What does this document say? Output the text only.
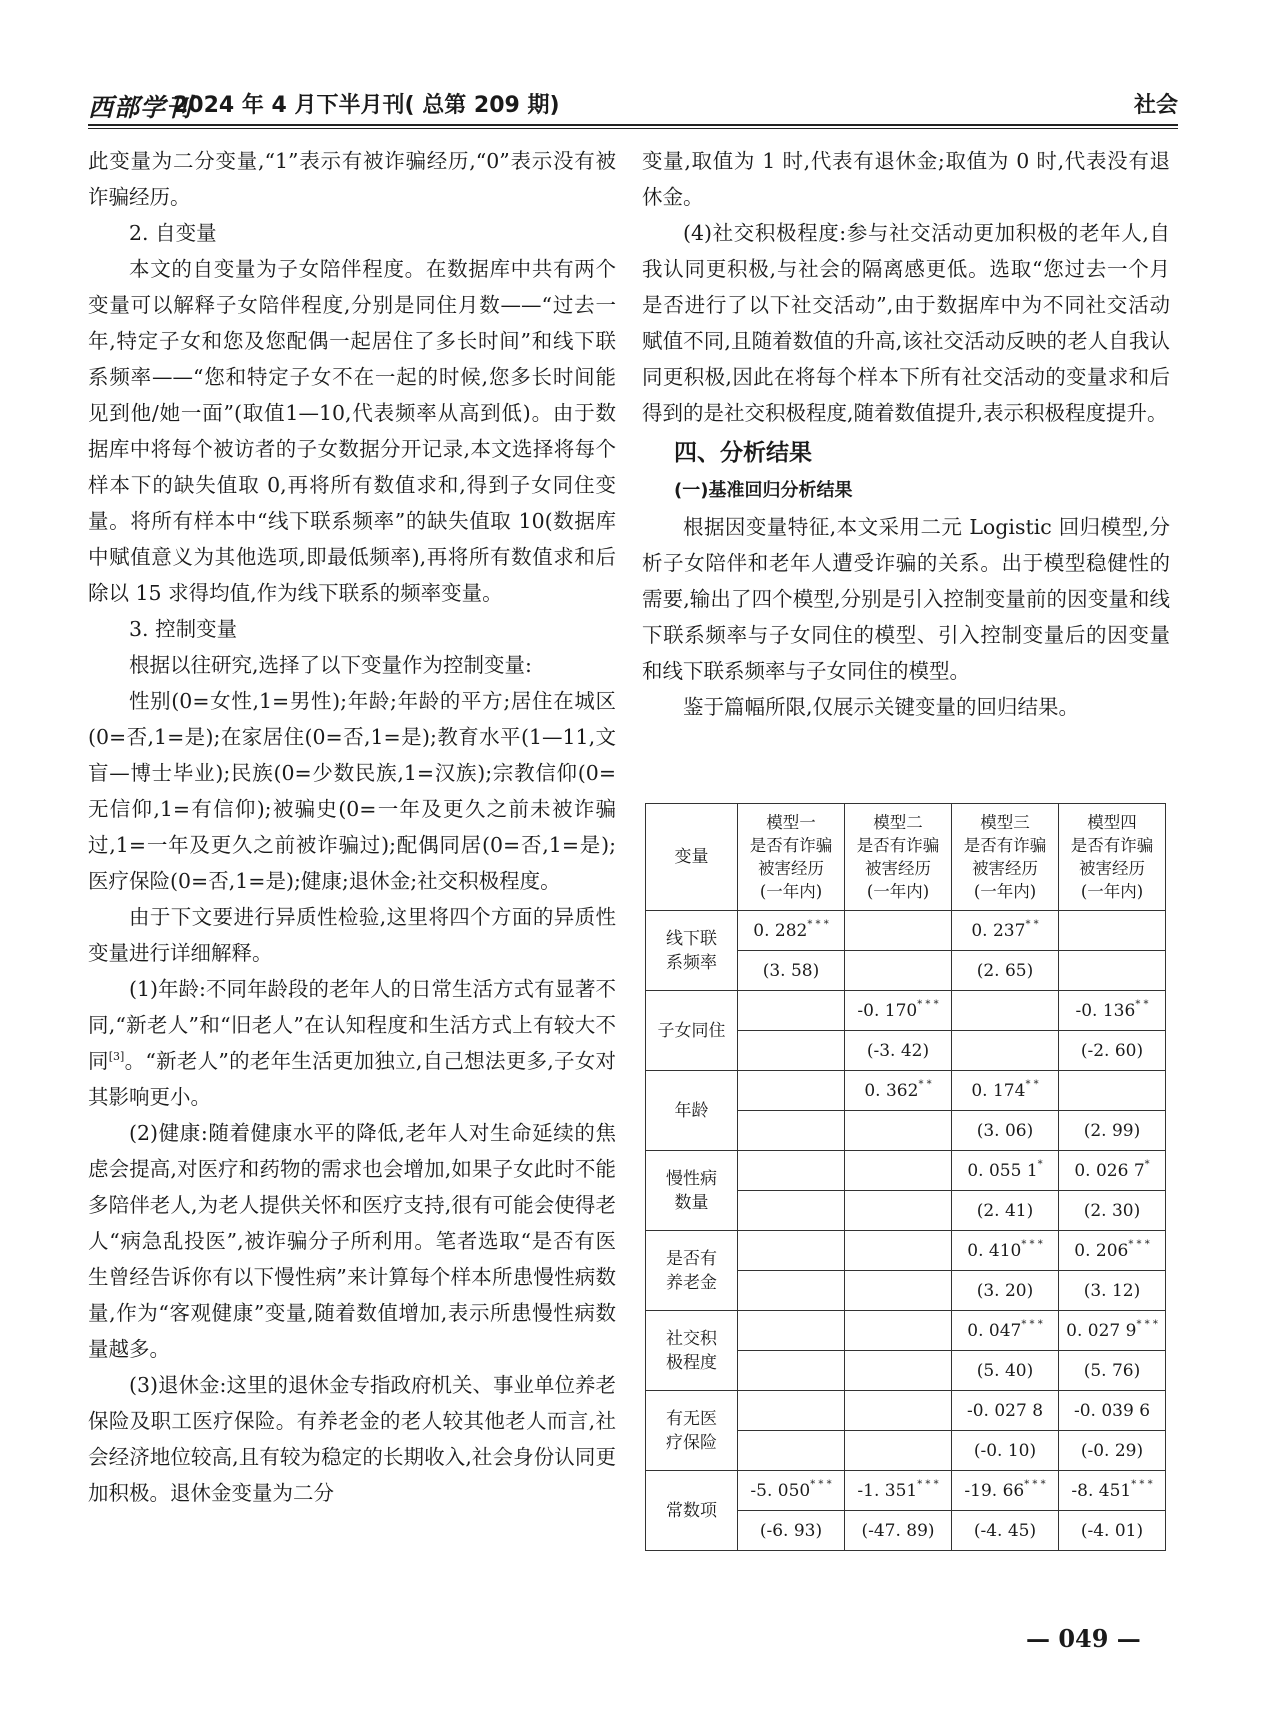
西部学刊
2024 年 4 月下半月刊( 总第 209 期)	社会

此变量为二分变量,“1”表示有被诈骗经历,“0”表示没有被诈骗经历。

2. 自变量

本文的自变量为子女陪伴程度。在数据库中共有两个变量可以解释子女陪伴程度,分别是同住月数——“过去一年,特定子女和您及您配偶一起居住了多长时间”和线下联系频率——“您和特定子女不在一起的时候,您多长时间能见到他/她一面”(取值1—10,代表频率从高到低)。由于数据库中将每个被访者的子女数据分开记录,本文选择将每个样本下的缺失值取 0,再将所有数值求和,得到子女同住变量。将所有样本中“线下联系频率”的缺失值取 10(数据库中赋值意义为其他选项,即最低频率),再将所有数值求和后除以 15 求得均值,作为线下联系的频率变量。

3. 控制变量

根据以往研究,选择了以下变量作为控制变量:

性别(0=女性,1=男性);年龄;年龄的平方;居住在城区(0=否,1=是);在家居住(0=否,1=是);教育水平(1—11,文盲—博士毕业);民族(0=少数民族,1=汉族);宗教信仰(0=无信仰,1=有信仰);被骗史(0=一年及更久之前未被诈骗过,1=一年及更久之前被诈骗过);配偶同居(0=否,1=是);医疗保险(0=否,1=是);健康;退休金;社交积极程度。

由于下文要进行异质性检验,这里将四个方面的异质性变量进行详细解释。

(1)年龄:不同年龄段的老年人的日常生活方式有显著不同,“新老人”和“旧老人”在认知程度和生活方式上有较大不同[3]。“新老人”的老年生活更加独立,自己想法更多,子女对其影响更小。

(2)健康:随着健康水平的降低,老年人对生命延续的焦虑会提高,对医疗和药物的需求也会增加,如果子女此时不能多陪伴老人,为老人提供关怀和医疗支持,很有可能会使得老人“病急乱投医”,被诈骗分子所利用。笔者选取“是否有医生曾经告诉你有以下慢性病”来计算每个样本所患慢性病数量,作为“客观健康”变量,随着数值增加,表示所患慢性病数量越多。

(3)退休金:这里的退休金专指政府机关、事业单位养老保险及职工医疗保险。有养老金的老人较其他老人而言,社会经济地位较高,且有较为稳定的长期收入,社会身份认同更加积极。退休金变量为二分

变量,取值为 1 时,代表有退休金;取值为 0 时,代表没有退休金。

(4)社交积极程度:参与社交活动更加积极的老年人,自我认同更积极,与社会的隔离感更低。选取“您过去一个月是否进行了以下社交活动”,由于数据库中为不同社交活动赋值不同,且随着数值的升高,该社交活动反映的老人自我认同更积极,因此在将每个样本下所有社交活动的变量求和后得到的是社交积极程度,随着数值提升,表示积极程度提升。

四、分析结果

(一)基准回归分析结果

根据因变量特征,本文采用二元 Logistic 回归模型,分析子女陪伴和老年人遭受诈骗的关系。出于模型稳健性的需要,输出了四个模型,分别是引入控制变量前的因变量和线下联系频率与子女同住的模型、引入控制变量后的因变量和线下联系频率与子女同住的模型。

鉴于篇幅所限,仅展示关键变量的回归结果。

变量	模型一
是否有诈骗
被害经历
(一年内)	模型二
是否有诈骗
被害经历
(一年内)	模型三
是否有诈骗
被害经历
(一年内)	模型四
是否有诈骗
被害经历
(一年内)
线下联
系频率	0. 282* * *		0. 237* *	
	(3. 58)		(2. 65)	
子女同住		-0. 170* * *		-0. 136* *
		(-3. 42)		(-2. 60)
年龄		0. 362* *	0. 174* *	
			(3. 06)	(2. 99)
慢性病
数量			0. 055 1*	0. 026 7*
			(2. 41)	(2. 30)
是否有
养老金			0. 410* * *	0. 206* * *
			(3. 20)	(3. 12)
社交积
极程度			0. 047* * *	0. 027 9* * *
			(5. 40)	(5. 76)
有无医
疗保险			-0. 027 8	-0. 039 6
			(-0. 10)	(-0. 29)
常数项	-5. 050* * *	-1. 351* * *	-19. 66* * *	-8. 451* * *
	(-6. 93)	(-47. 89)	(-4. 45)	(-4. 01)
— 049 —
